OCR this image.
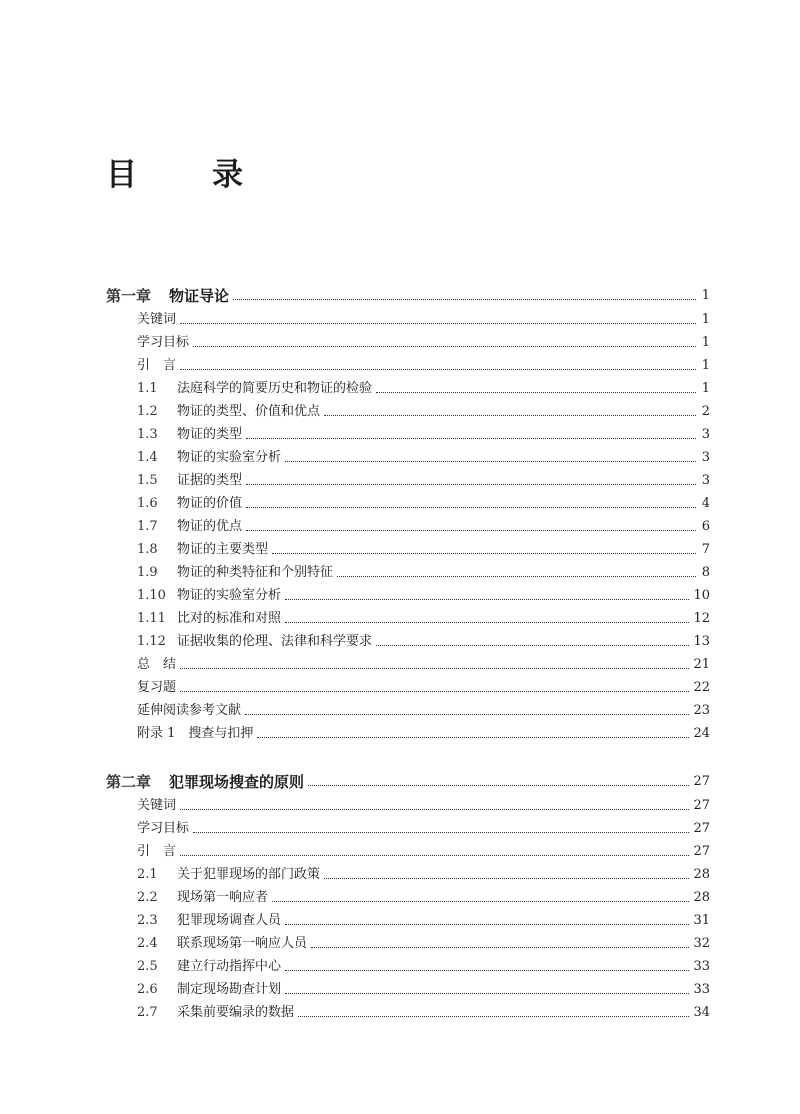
目　录
第一章 物证导论	1
关键词	1
学习目标	1
引　言	1
1.1	法庭科学的简要历史和物证的检验	1
1.2	物证的类型、价值和优点	2
1.3	物证的类型	3
1.4	物证的实验室分析	3
1.5	证据的类型	3
1.6	物证的价值	4
1.7	物证的优点	6
1.8	物证的主要类型	7
1.9	物证的种类特征和个别特征	8
1.10 物证的实验室分析	10
1.11 比对的标准和对照	12
1.12 证据收集的伦理、法律和科学要求	13
总　结	21
复习题	22
延伸阅读参考文献	23
附录 1　搜查与扣押	24
第二章 犯罪现场搜查的原则	27
关键词	27
学习目标	27
引　言	27
2.1	关于犯罪现场的部门政策	28
2.2	现场第一响应者	28
2.3	犯罪现场调查人员	31
2.4	联系现场第一响应人员	32
2.5	建立行动指挥中心	33
2.6	制定现场勘查计划	33
2.7	采集前要编录的数据	34
